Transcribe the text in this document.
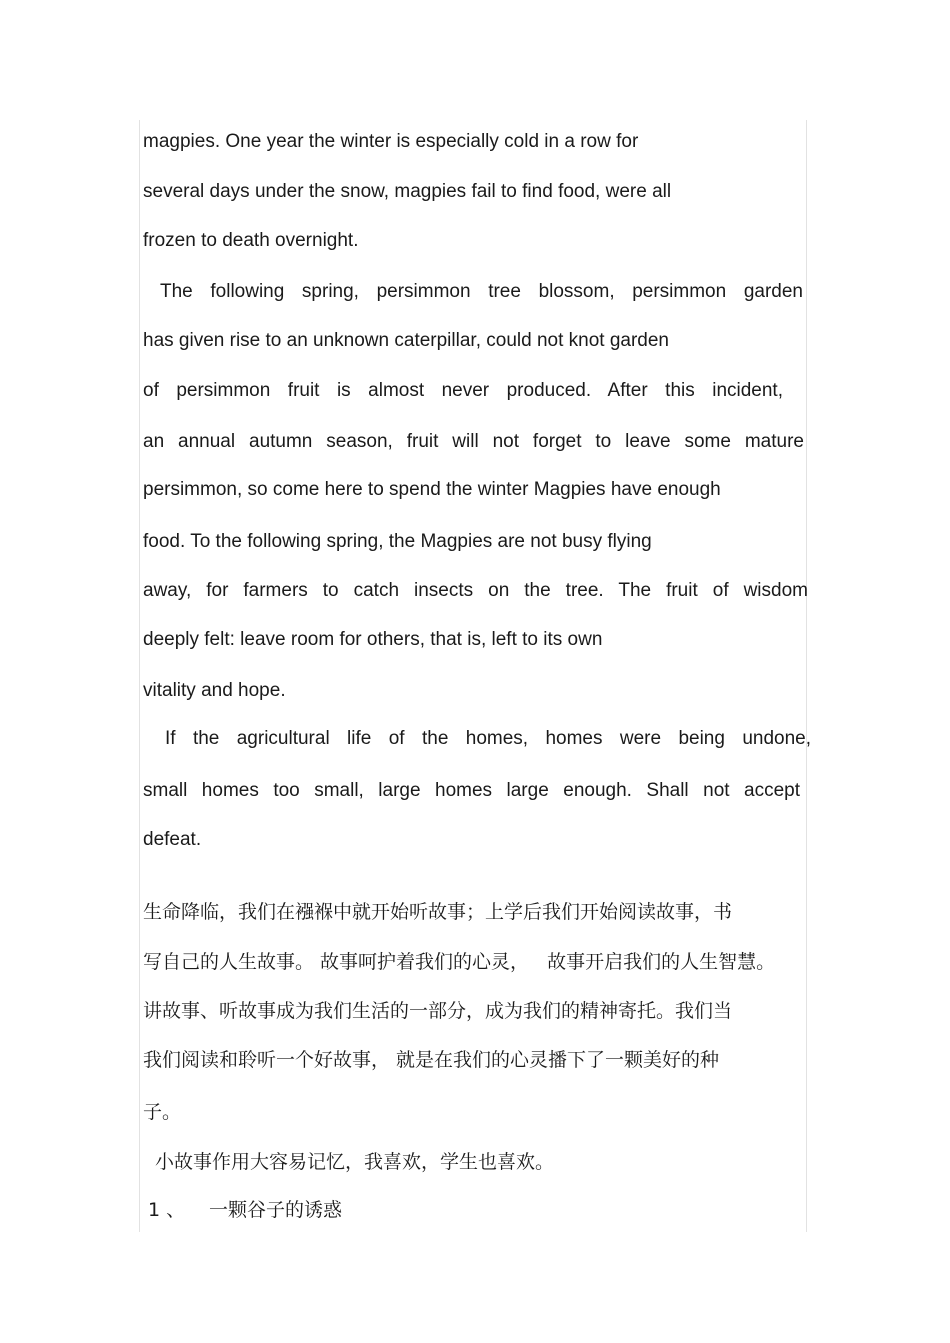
magpies. One year the winter is especially cold in a row for

several days under the snow, magpies fail to find food, were all

frozen to death overnight.

The following spring, persimmon tree blossom, persimmon garden

has given rise to an unknown caterpillar, could not knot garden

of persimmon fruit is almost never produced. After this incident,

an annual autumn season, fruit will not forget to leave some mature

persimmon, so come here to spend the winter Magpies have enough

food. To the following spring, the Magpies are not busy flying

away, for farmers to catch insects on the tree. The fruit of wisdom

deeply felt: leave room for others, that is, left to its own

vitality and hope.

If the agricultural life of the homes, homes were being undone,

small homes too small, large homes large enough. Shall not accept

defeat.

生命降临，我们在襁褓中就开始听故事；上学后我们开始阅读故事，书

写自己的人生故事。 故事呵护着我们的心灵，   故事开启我们的人生智慧。

讲故事、听故事成为我们生活的一部分，成为我们的精神寄托。我们当

我们阅读和聆听一个好故事， 就是在我们的心灵播下了一颗美好的种

子。

小故事作用大容易记忆，我喜欢，学生也喜欢。

1 、 一颗谷子的诱惑
